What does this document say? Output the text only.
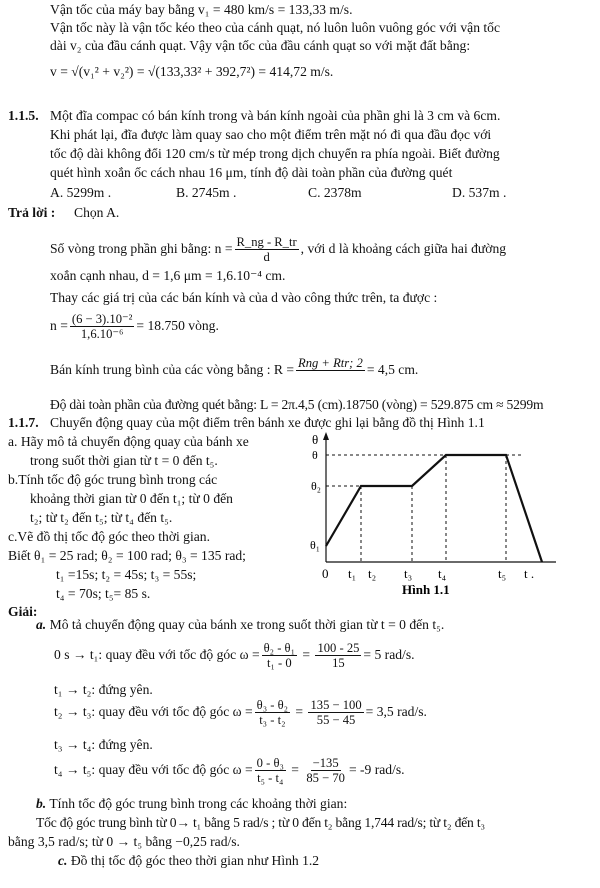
Vận tốc của máy bay bằng v₁ = 480 km/s = 133,33 m/s.
Vận tốc này là vận tốc kéo theo của cánh quạt, nó luôn luôn vuông góc với vận tốc
dài v₂ của đầu cánh quạt. Vậy vận tốc của đầu cánh quạt so với mặt đất bằng:
v = √(v₁² + v₂²) = √(133,33² + 392,7²) = 414,72 m/s.
1.1.5. Một đĩa compac có bán kính trong và bán kính ngoài của phần ghi là 3 cm và 6cm.
Khi phát lại, đĩa được làm quay sao cho một điểm trên mặt nó đi qua đầu đọc với
tốc độ dài không đổi 120 cm/s từ mép trong dịch chuyển ra phía ngoài. Biết đường
quét hình xoắn ốc cách nhau 16 μm, tính độ dài toàn phần của đường quét
A. 5299m .	B. 2745m .	C. 2378m	D. 537m .
Trả lời : Chọn A.
Số vòng trong phần ghi bằng: $n = \frac{R\_ng - R\_tr}{d}$ , với d là khoảng cách giữa hai đường
xoắn cạnh nhau, d = 1,6 μm = 1,6.10⁻⁴ cm.
Thay các giá trị của các bán kính và của d vào công thức trên, ta được :
$n = \frac{\text{(6 − 3).10⁻²}}{\text{1,6.10⁻⁶}} = 18.750$ vòng.
Bán kính trung bình của các vòng bằng : R = Rng + Rtr; 2
= 4,5 cm.
Độ dài toàn phần của đường quét bằng: L = 2π.4,5 (cm).18750 (vòng) = 529.875 cm ≈ 5299m
1.1.7. Chuyển động quay của một điểm trên bánh xe được ghi lại bằng đồ thị Hình 1.1
a. Hãy mô tả chuyển động quay của bánh xe
trong suốt thời gian từ t = 0 đến t₅.
b.Tính tốc độ góc trung bình trong các
khoảng thời gian từ 0 đến t₁; từ 0 đến
t₂; từ t₂ đến t₅; từ t₄ đến t₅.
c.Vẽ đồ thị tốc độ góc theo thời gian.
Biết θ₁ = 25 rad; θ₂ = 100 rad; θ₃ = 135 rad;
t₁ =15s; t₂ = 45s; t₃ = 55s;
t₄ = 70s; t₅= 85 s.
θ
θ
θ₂
θ₁
0 t₁ t₂ t₃ t₄	t₅ t .
Hình 1.1
Giải:
a. Mô tả chuyển động quay của bánh xe trong suốt thời gian từ t = 0 đến t₅.
0 s → t₁: quay đều với tốc độ góc $\omega = \frac{\text{θ₂ - θ₁}}{\text{t₁ - 0}} = \frac{100 - 25}{15} = 5$ rad/s.
t₁ → t₂: đứng yên.
t₂ → t₃: quay đều với tốc độ góc $\omega = \frac{\text{θ₃ - θ₂}}{\text{t₃ - t₂}} = \frac{135 - 100}{55 - 45} = 3,5$ rad/s.
t₃ → t₄: đứng yên.
t₄ → t₅: quay đều với tốc độ góc $\omega = \frac{\text{0 - θ₃}}{\text{t₅ - t₄}} = \frac{-135}{85 - 70} = -9$ rad/s.
b. Tính tốc độ góc trung bình trong các khoảng thời gian:
Tốc độ góc trung bình từ 0→ t₁ bằng 5 rad/s ; từ 0 đến t₂ bằng 1,744 rad/s; từ t₂ đến t₃
bằng 3,5 rad/s; từ 0 → t₅ bằng −0,25 rad/s.
c. Đồ thị tốc độ góc theo thời gian như Hình 1.2
